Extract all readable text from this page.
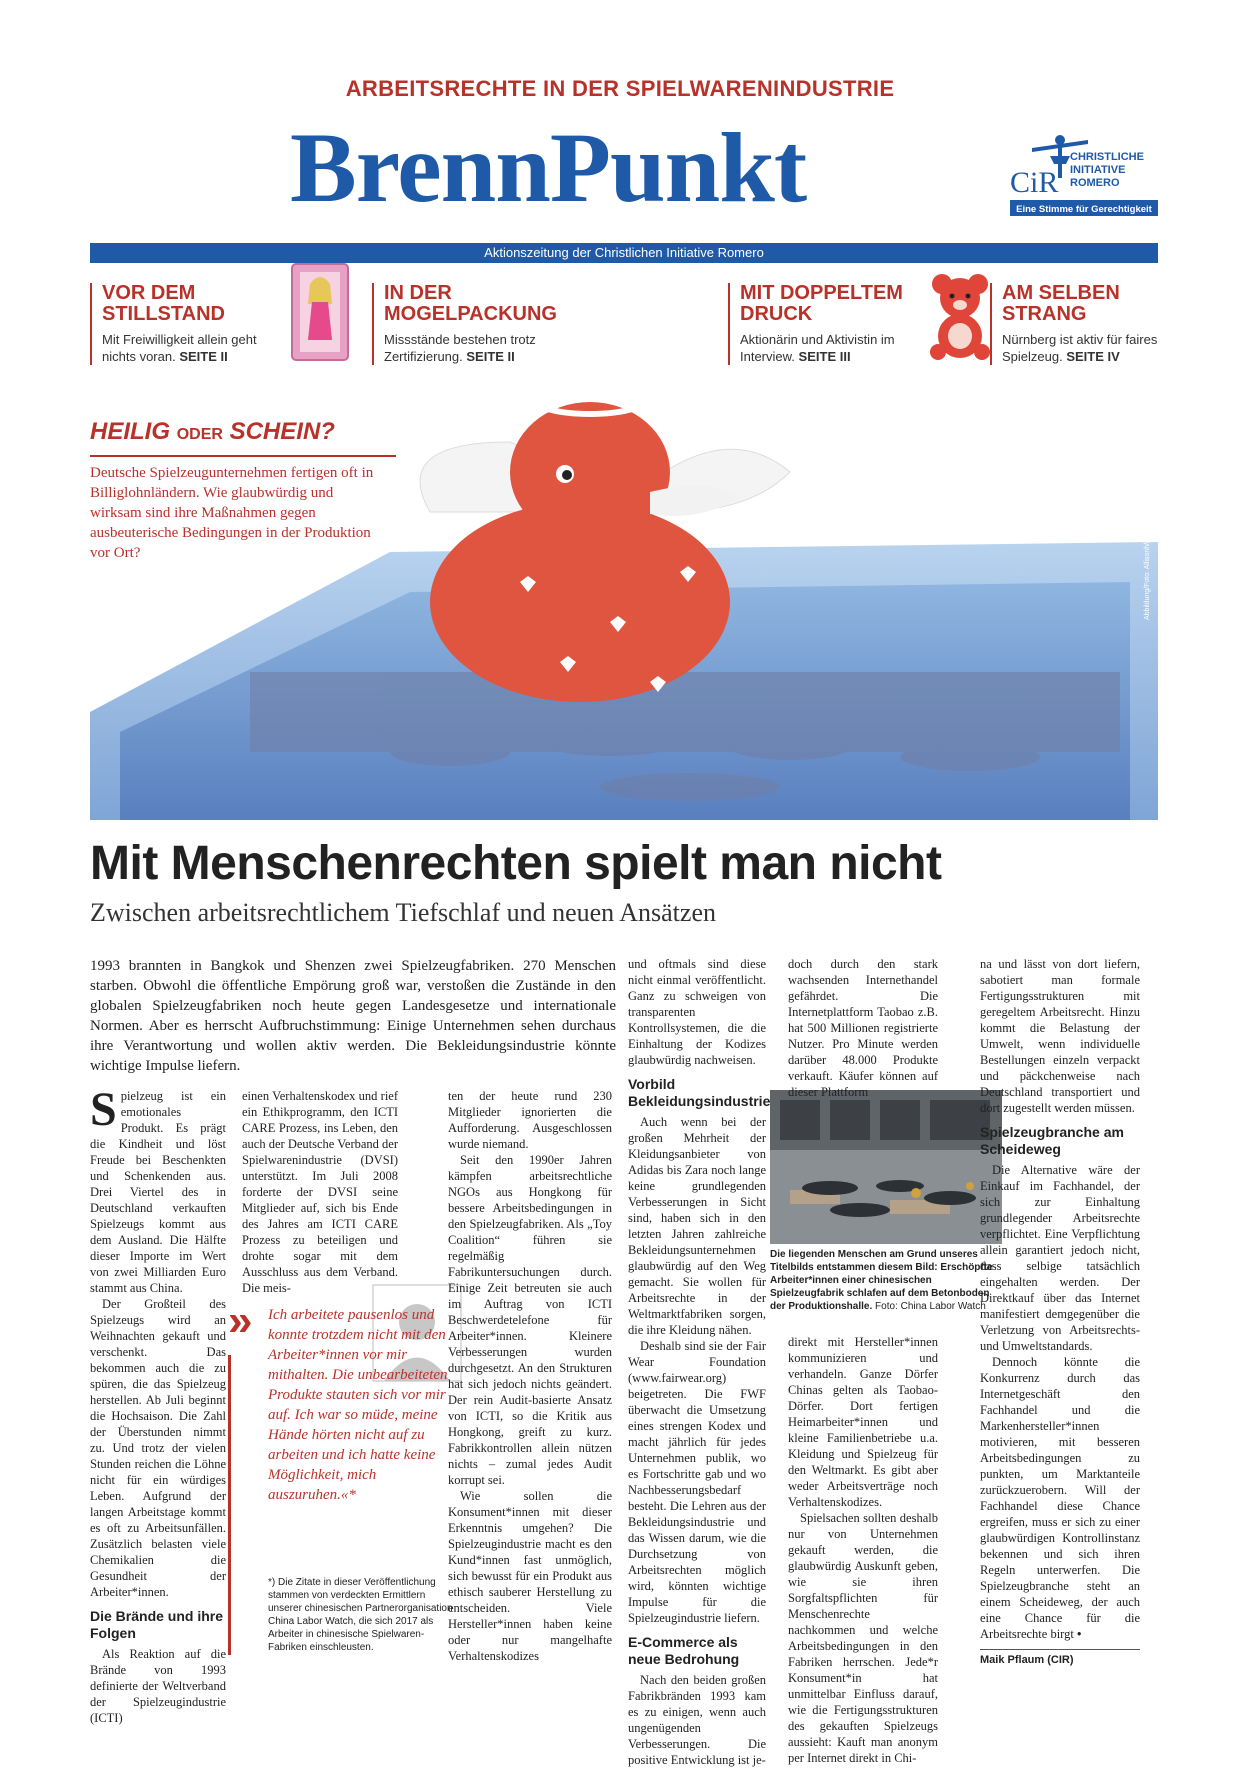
ARBEITSRECHTE IN DER SPIELWARENINDUSTRIE
BrennPunkt	CiR
CHRISTLICHE
INITIATIVE
ROMERO
Eine Stimme für Gerechtigkeit
Aktionszeitung der Christlichen Initiative Romero
VOR DEM
STILLSTAND

Mit Freiwilligkeit allein geht nichts voran. SEITE II

IN DER
MOGELPACKUNG

Missstände bestehen trotz Zertifizierung. SEITE II

MIT DOPPELTEM
DRUCK

Aktionärin und Aktivistin im Interview. SEITE III

AM SELBEN
STRANG

Nürnberg ist aktiv für faires Spielzeug. SEITE IV

Abbildung/Foto: Allisonh/pixabay, Montage: M.Schenk/Pixabay
HEILIG ODER SCHEIN?
Deutsche Spielzeugunternehmen fertigen oft in Billiglohnländern. Wie glaubwürdig und wirksam sind ihre Maßnahmen gegen ausbeuterische Bedingungen in der Produktion vor Ort?
Mit Menschenrechten spielt man nicht
Zwischen arbeitsrechtlichem Tiefschlaf und neuen Ansätzen
1993 brannten in Bangkok und Shenzen zwei Spielzeugfabriken. 270 Menschen starben. Obwohl die öffentliche Empörung groß war, verstoßen die Zustände in den globalen Spielzeugfabriken noch heute gegen Landesgesetze und internationale Normen. Aber es herrscht Aufbruchstimmung: Einige Unternehmen sehen durchaus ihre Verantwortung und wollen aktiv werden. Die Bekleidungsindustrie könnte wichtige Impulse liefern.

Spielzeug ist ein emotionales Produkt. Es prägt die Kindheit und löst Freude bei Beschenkten und Schenkenden aus. Drei Viertel des in Deutschland verkauften Spielzeugs kommt aus dem Ausland. Die Hälfte dieser Importe im Wert von zwei Milliarden Euro stammt aus China.

Der Großteil des Spielzeugs wird an Weihnachten gekauft und verschenkt. Das bekommen auch die zu spüren, die das Spielzeug herstellen. Ab Juli beginnt die Hochsaison. Die Zahl der Überstunden nimmt zu. Und trotz der vielen Stunden reichen die Löhne nicht für ein würdiges Leben. Aufgrund der langen Arbeitstage kommt es oft zu Arbeitsunfällen. Zusätzlich belasten viele Chemikalien die Gesundheit der Arbeiter*innen.

Die Brände und ihre Folgen

Als Reaktion auf die Brände von 1993 definierte der Weltverband der Spielzeugindustrie (ICTI)

einen Verhaltenskodex und rief ein Ethikprogramm, den ICTI CARE Prozess, ins Leben, den auch der Deutsche Verband der Spielwarenindustrie (DVSI) unterstützt. Im Juli 2008 forderte der DVSI seine Mitglieder auf, sich bis Ende des Jahres am ICTI CARE Prozess zu beteiligen und drohte sogar mit dem Ausschluss aus dem Verband. Die meis-

» Ich arbeitete pausenlos und konnte trotzdem nicht mit den Arbeiter*innen vor mir mithalten. Die unbearbeiteten Produkte stauten sich vor mir auf. Ich war so müde, meine Hände hörten nicht auf zu arbeiten und ich hatte keine Möglichkeit, mich auszuruhen.«*
*) Die Zitate in dieser Veröffentlichung stammen von verdeckten Ermittlern unserer chinesischen Partnerorganisation China Labor Watch, die sich 2017 als Arbeiter in chinesische Spielwaren-Fabriken einschleusten.

ten der heute rund 230 Mitglieder ignorierten die Aufforderung. Ausgeschlossen wurde niemand.

Seit den 1990er Jahren kämpfen arbeitsrechtliche NGOs aus Hongkong für bessere Arbeitsbedingungen in den Spielzeugfabriken. Als „Toy Coalition“ führen sie regelmäßig Fabrikuntersuchungen durch. Einige Zeit betreuten sie auch im Auftrag von ICTI Beschwerdetelefone für Arbeiter*innen. Kleinere Verbesserungen wurden durchgesetzt. An den Strukturen hat sich jedoch nichts geändert. Der rein Audit-basierte Ansatz von ICTI, so die Kritik aus Hongkong, greift zu kurz. Fabrikkontrollen allein nützen nichts – zumal jedes Audit korrupt sei.

Wie sollen die Konsument*innen mit dieser Erkenntnis umgehen? Die Spielzeugindustrie macht es den Kund*innen fast unmöglich, sich bewusst für ein Produkt aus ethisch sauberer Herstellung zu entscheiden. Viele Hersteller*innen haben keine oder nur mangelhafte Verhaltenskodizes

und oftmals sind diese nicht einmal veröffentlicht. Ganz zu schweigen von transparenten Kontrollsystemen, die die Einhaltung der Kodizes glaubwürdig nachweisen.

Vorbild Bekleidungsindustrie

Auch wenn bei der großen Mehrheit der Kleidungsanbieter von Adidas bis Zara noch lange keine grundlegenden Verbesserungen in Sicht sind, haben sich in den letzten Jahren zahlreiche Bekleidungsunternehmen glaubwürdig auf den Weg gemacht. Sie wollen für Arbeitsrechte in der Weltmarktfabriken sorgen, die ihre Kleidung nähen.

Deshalb sind sie der Fair Wear Foundation (www.fairwear.org) beigetreten. Die FWF überwacht die Umsetzung eines strengen Kodex und macht jährlich für jedes Unternehmen publik, wo es Fortschritte gab und wo Nachbesserungsbedarf besteht. Die Lehren aus der Bekleidungsindustrie und das Wissen darum, wie die Durchsetzung von Arbeitsrechten möglich wird, könnten wichtige Impulse für die Spielzeugindustrie liefern.

E-Commerce als neue Bedrohung

Nach den beiden großen Fabrikbränden 1993 kam es zu einigen, wenn auch ungenügenden Verbesserungen. Die positive Entwicklung ist je-

Die liegenden Menschen am Grund unseres Titelbilds entstammen diesem Bild: Erschöpfte Arbeiter*innen einer chinesischen Spielzeugfabrik schlafen auf dem Betonboden der Produktionshalle. Foto: China Labor Watch

doch durch den stark wachsenden Internethandel gefährdet. Die Internetplattform Taobao z.B. hat 500 Millionen registrierte Nutzer. Pro Minute werden darüber 48.000 Produkte verkauft. Käufer können auf dieser Plattform

direkt mit Hersteller*innen kommunizieren und verhandeln. Ganze Dörfer Chinas gelten als Taobao-Dörfer. Dort fertigen Heimarbeiter*innen und kleine Familienbetriebe u.a. Kleidung und Spielzeug für den Weltmarkt. Es gibt aber weder Arbeitsverträge noch Verhaltenskodizes.

Spielsachen sollten deshalb nur von Unternehmen gekauft werden, die glaubwürdig Auskunft geben, wie sie ihren Sorgfaltspflichten für Menschenrechte nachkommen und welche Arbeitsbedingungen in den Fabriken herrschen. Jede*r Konsument*in hat unmittelbar Einfluss darauf, wie die Fertigungsstrukturen des gekauften Spielzeugs aussieht: Kauft man anonym per Internet direkt in Chi-

na und lässt von dort liefern, sabotiert man formale Fertigungsstrukturen mit geregeltem Arbeitsrecht. Hinzu kommt die Belastung der Umwelt, wenn individuelle Bestellungen einzeln verpackt und päckchenweise nach Deutschland transportiert und dort zugestellt werden müssen.

Spielzeugbranche am Scheideweg

Die Alternative wäre der Einkauf im Fachhandel, der sich zur Einhaltung grundlegender Arbeitsrechte verpflichtet. Eine Verpflichtung allein garantiert jedoch nicht, dass selbige tatsächlich eingehalten werden. Der Direktkauf über das Internet manifestiert demgegenüber die Verletzung von Arbeitsrechts- und Umweltstandards.

Dennoch könnte die Konkurrenz durch das Internetgeschäft den Fachhandel und die Markenhersteller*innen motivieren, mit besseren Arbeitsbedingungen zu punkten, um Marktanteile zurückzuerobern. Will der Fachhandel diese Chance ergreifen, muss er sich zu einer glaubwürdigen Kontrollinstanz bekennen und sich ihren Regeln unterwerfen. Die Spielzeugbranche steht an einem Scheideweg, der auch eine Chance für die Arbeitsrechte birgt •

Maik Pflaum (CIR)
